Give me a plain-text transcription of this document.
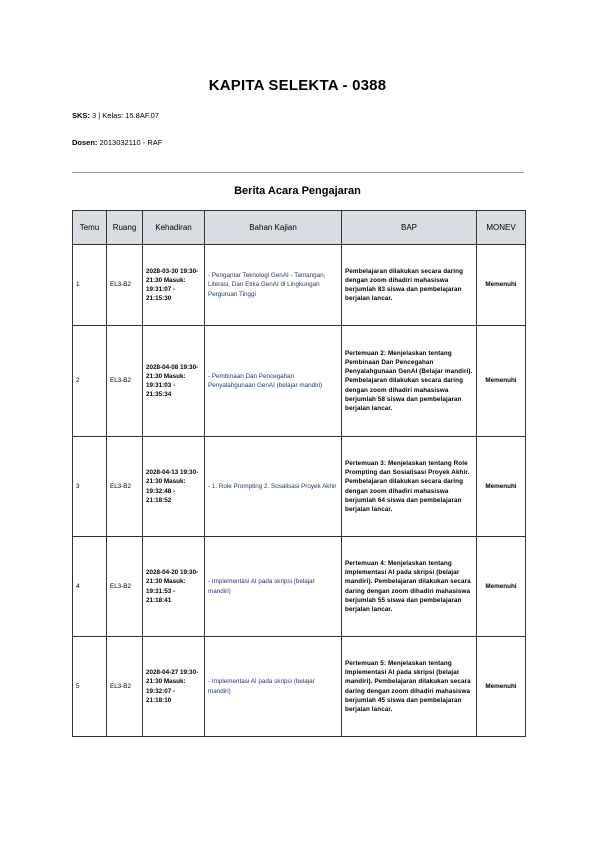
KAPITA SELEKTA - 0388
SKS: 3 | Kelas: 15.8AF.07
Dosen: 2013032110 - RAF
Berita Acara Pengajaran
Temu	Ruang	Kehadiran	Bahan Kajian	BAP	MONEV
1	EL3-B2	2028-03-30 19:30-21:30 Masuk: 19:31:07 - 21:15:30	- Pengantar Teknologi GenAI - Tantangan, Literasi, Dan Etika GenAI di Lingkungan Perguruan Tinggi	Pembelajaran dilakukan secara daring dengan zoom dihadiri mahasiswa berjumlah 83 siswa dan pembelajaran berjalan lancar.	Memenuhi
2	EL3-B2	2028-04-08 19:30-21:30 Masuk: 19:31:03 - 21:35:34	- Pembinaan Dan Pencegahan Penyalahgunaan GenAI (belajar mandiri)	Pertemuan 2: Menjelaskan tentang Pembinaan Dan Pencegahan Penyalahgunaan GenAI (Belajar mandiri). Pembelajaran dilakukan secara daring dengan zoom dihadiri mahasiswa berjumlah 58 siswa dan pembelajaran berjalan lancar.	Memenuhi
3	EL3-B2	2028-04-13 19:30-21:30 Masuk: 19:32:48 - 21:18:52	- 1. Role Prompting 2. Sosalisasi Proyek Akhir	Pertemuan 3: Menjelaskan tentang Role Prompting dan Sosialisasi Proyek Akhir. Pembelajaran dilakukan secara daring dengan zoom dihadiri mahasiswa berjumlah 64 siswa dan pembelajaran berjalan lancar.	Memenuhi
4	EL3-B2	2028-04-20 19:30-21:30 Masuk: 19:31:53 - 21:18:41	- Implementasi AI pada skripsi (belajar mandiri)	Pertemuan 4: Menjelaskan tentang Implementasi AI pada skripsi (belajar mandiri). Pembelajaran dilakukan secara daring dengan zoom dihadiri mahasiswa berjumlah 55 siswa dan pembelajaran berjalan lancar.	Memenuhi
5	EL3-B2	2028-04-27 19:30-21:30 Masuk: 19:32:07 - 21:18:10	- Implementasi AI pada skripsi (belajar mandiri)	Pertemuan 5: Menjelaskan tentang Implementasi AI pada skripsi (belajar mandiri). Pembelajaran dilakukan secara daring dengan zoom dihadiri mahasiswa berjumlah 45 siswa dan pembelajaran berjalan lancar.	Memenuhi
